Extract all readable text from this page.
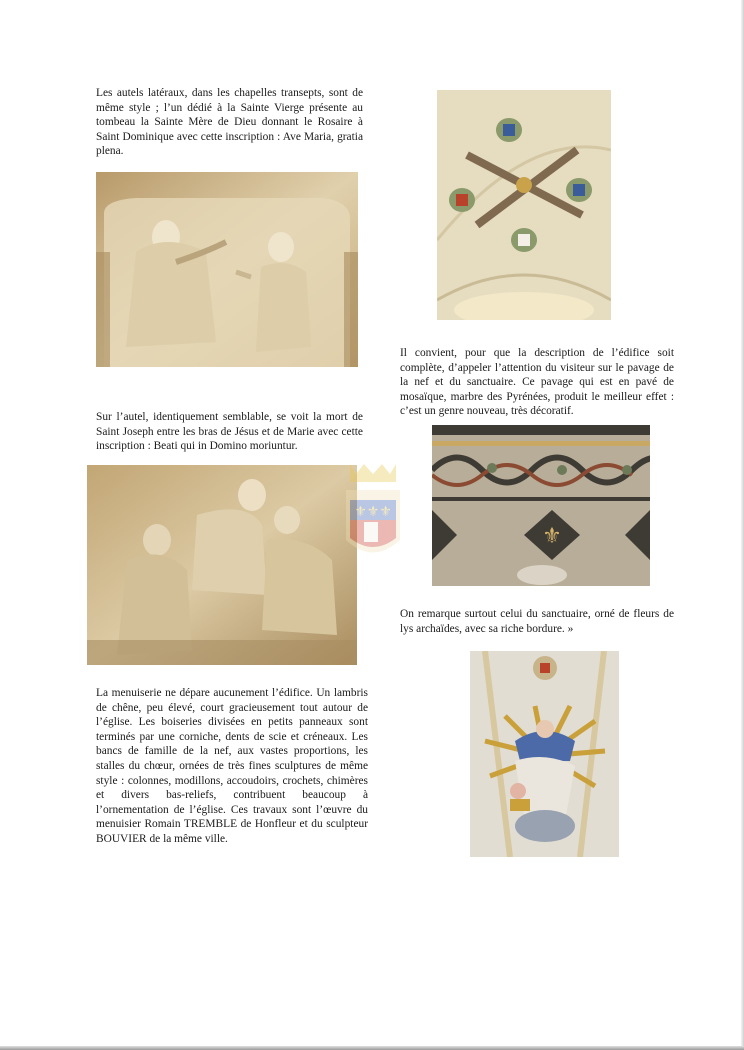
Les autels latéraux, dans les chapelles transepts, sont de même style ; l’un dédié à la Sainte Vierge présente au tombeau la Sainte Mère de Dieu donnant le Rosaire à Saint Dominique avec cette inscription : Ave Maria, gratia plena.

Sur l’autel, identiquement semblable, se voit la mort de Saint Joseph entre les bras de Jésus et de Marie avec cette inscription : Beati qui in Domino moriuntur.

⚜⚜⚜

La menuiserie ne dépare aucunement l’édifice. Un lambris de chêne, peu élevé, court gracieusement tout autour de l’église. Les boiseries divisées en petits panneaux sont terminés par une corniche, dents de scie et créneaux. Les bancs de famille de la nef, aux vastes proportions, les stalles du chœur, ornées de très fines sculptures de même style : colonnes, modillons, accoudoirs, crochets, chimères et divers bas-reliefs, contribuent beaucoup à l’ornementation de l’église. Ces travaux sont l’œuvre du menuisier Romain TREMBLE de Honfleur et du sculpteur BOUVIER de la même ville.

Il convient, pour que la description de l’édifice soit complète, d’appeler l’attention du visiteur sur le pavage de la nef et du sanctuaire. Ce pavage qui est en pavé de mosaïque, marbre des Pyrénées, produit le meilleur effet : c’est un genre nouveau, très décoratif.

⚜

On remarque surtout celui du sanctuaire, orné de fleurs de lys archaïdes, avec sa riche bordure. »
